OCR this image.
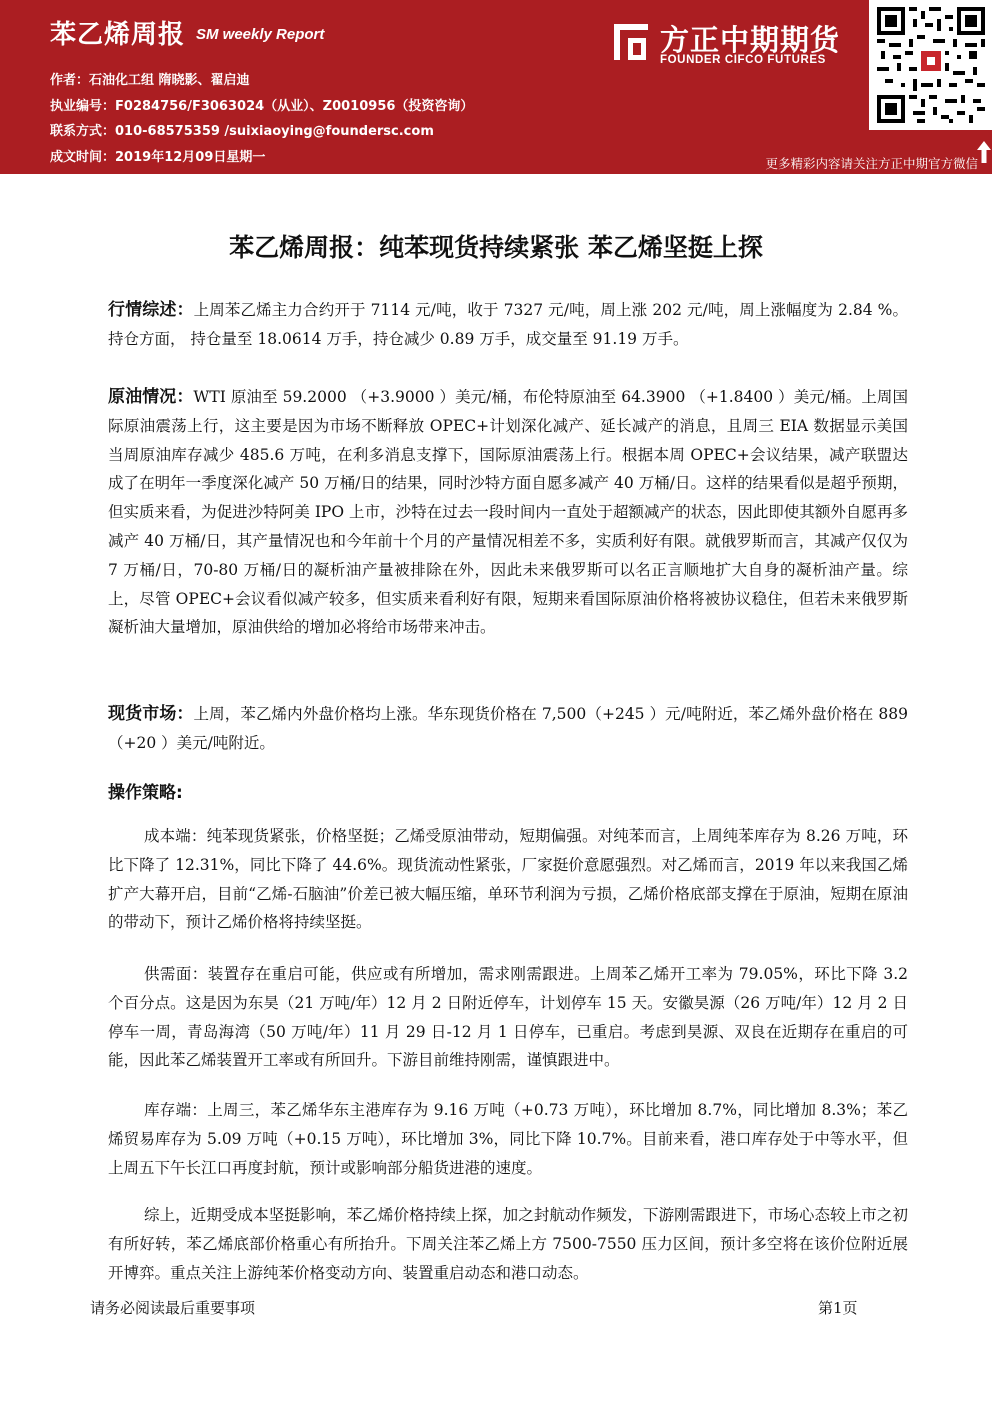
苯乙烯周报 SM weekly Report
作者：石油化工组 隋晓影、翟启迪
执业编号：F0284756/F3063024（从业）、Z0010956（投资咨询）
联系方式：010-68575359 /suixiaoying@foundersc.com
成文时间：2019年12月09日星期一
方正中期期货
FOUNDER CIFCO FUTURES
更多精彩内容请关注方正中期官方微信
苯乙烯周报：纯苯现货持续紧张 苯乙烯坚挺上探
行情综述：上周苯乙烯主力合约开于 7114 元/吨，收于 7327 元/吨，周上涨 202 元/吨，周上涨幅度为 2.84 %。持仓方面， 持仓量至 18.0614 万手，持仓减少 0.89 万手，成交量至 91.19 万手。
原油情况：WTI 原油至 59.2000 （+3.9000 ）美元/桶，布伦特原油至 64.3900 （+1.8400 ）美元/桶。上周国际原油震荡上行，这主要是因为市场不断释放 OPEC+计划深化减产、延长减产的消息，且周三 EIA 数据显示美国当周原油库存减少 485.6 万吨，在利多消息支撑下，国际原油震荡上行。根据本周 OPEC+会议结果，减产联盟达成了在明年一季度深化减产 50 万桶/日的结果，同时沙特方面自愿多减产 40 万桶/日。这样的结果看似是超乎预期，但实质来看，为促进沙特阿美 IPO 上市，沙特在过去一段时间内一直处于超额减产的状态，因此即使其额外自愿再多减产 40 万桶/日，其产量情况也和今年前十个月的产量情况相差不多，实质利好有限。就俄罗斯而言，其减产仅仅为 7 万桶/日，70-80 万桶/日的凝析油产量被排除在外，因此未来俄罗斯可以名正言顺地扩大自身的凝析油产量。综上，尽管 OPEC+会议看似减产较多，但实质来看利好有限，短期来看国际原油价格将被协议稳住，但若未来俄罗斯凝析油大量增加，原油供给的增加必将给市场带来冲击。
现货市场：上周，苯乙烯内外盘价格均上涨。华东现货价格在 7,500（+245 ）元/吨附近，苯乙烯外盘价格在 889（+20 ）美元/吨附近。
操作策略:
成本端：纯苯现货紧张，价格坚挺；乙烯受原油带动，短期偏强。对纯苯而言，上周纯苯库存为 8.26 万吨，环比下降了 12.31%，同比下降了 44.6%。现货流动性紧张，厂家挺价意愿强烈。对乙烯而言，2019 年以来我国乙烯扩产大幕开启，目前“乙烯-石脑油”价差已被大幅压缩，单环节利润为亏损，乙烯价格底部支撑在于原油，短期在原油的带动下，预计乙烯价格将持续坚挺。
供需面：装置存在重启可能，供应或有所增加，需求刚需跟进。上周苯乙烯开工率为 79.05%，环比下降 3.2 个百分点。这是因为东昊（21 万吨/年）12 月 2 日附近停车，计划停车 15 天。安徽昊源（26 万吨/年）12 月 2 日停车一周，青岛海湾（50 万吨/年）11 月 29 日-12 月 1 日停车，已重启。考虑到昊源、双良在近期存在重启的可能，因此苯乙烯装置开工率或有所回升。下游目前维持刚需，谨慎跟进中。
库存端：上周三，苯乙烯华东主港库存为 9.16 万吨（+0.73 万吨），环比增加 8.7%，同比增加 8.3%；苯乙烯贸易库存为 5.09 万吨（+0.15 万吨），环比增加 3%，同比下降 10.7%。目前来看，港口库存处于中等水平，但上周五下午长江口再度封航，预计或影响部分船货进港的速度。
综上，近期受成本坚挺影响，苯乙烯价格持续上探，加之封航动作频发，下游刚需跟进下，市场心态较上市之初有所好转，苯乙烯底部价格重心有所抬升。下周关注苯乙烯上方 7500-7550 压力区间，预计多空将在该价位附近展开博弈。重点关注上游纯苯价格变动方向、装置重启动态和港口动态。
请务必阅读最后重要事项	第1页
